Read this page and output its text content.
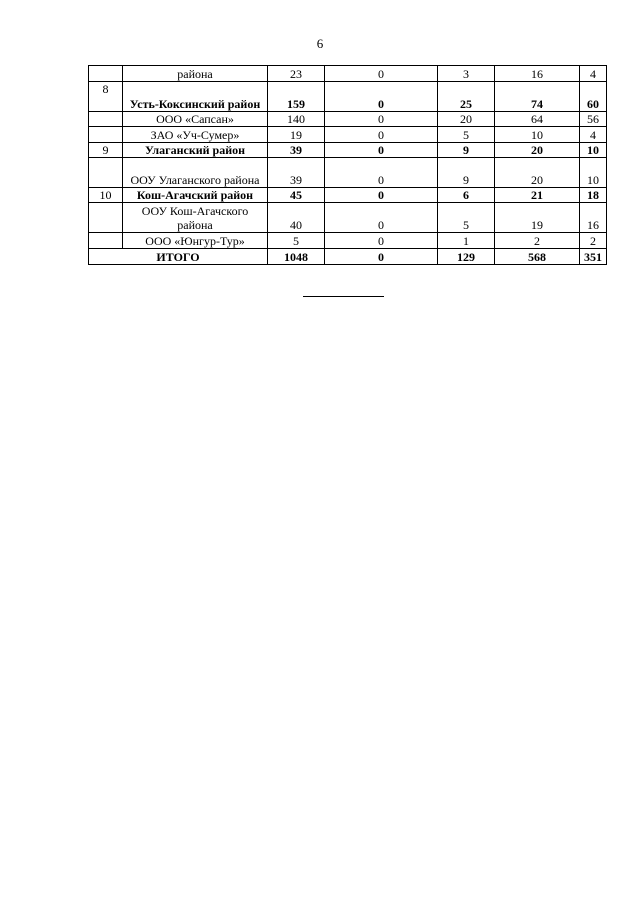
6
	района	23	0	3	16	4
8	Усть-Коксинский район	159	0	25	74	60
	ООО «Сапсан»	140	0	20	64	56
	ЗАО «Уч-Сумер»	19	0	5	10	4
9	Улаганский район	39	0	9	20	10
	ООУ Улаганского района	39	0	9	20	10
10	Кош-Агачский район	45	0	6	21	18
	ООУ Кош-Агачского района	40	0	5	19	16
	ООО «Юнгур-Тур»	5	0	1	2	2
ИТОГО		1048	0	129	568	351
